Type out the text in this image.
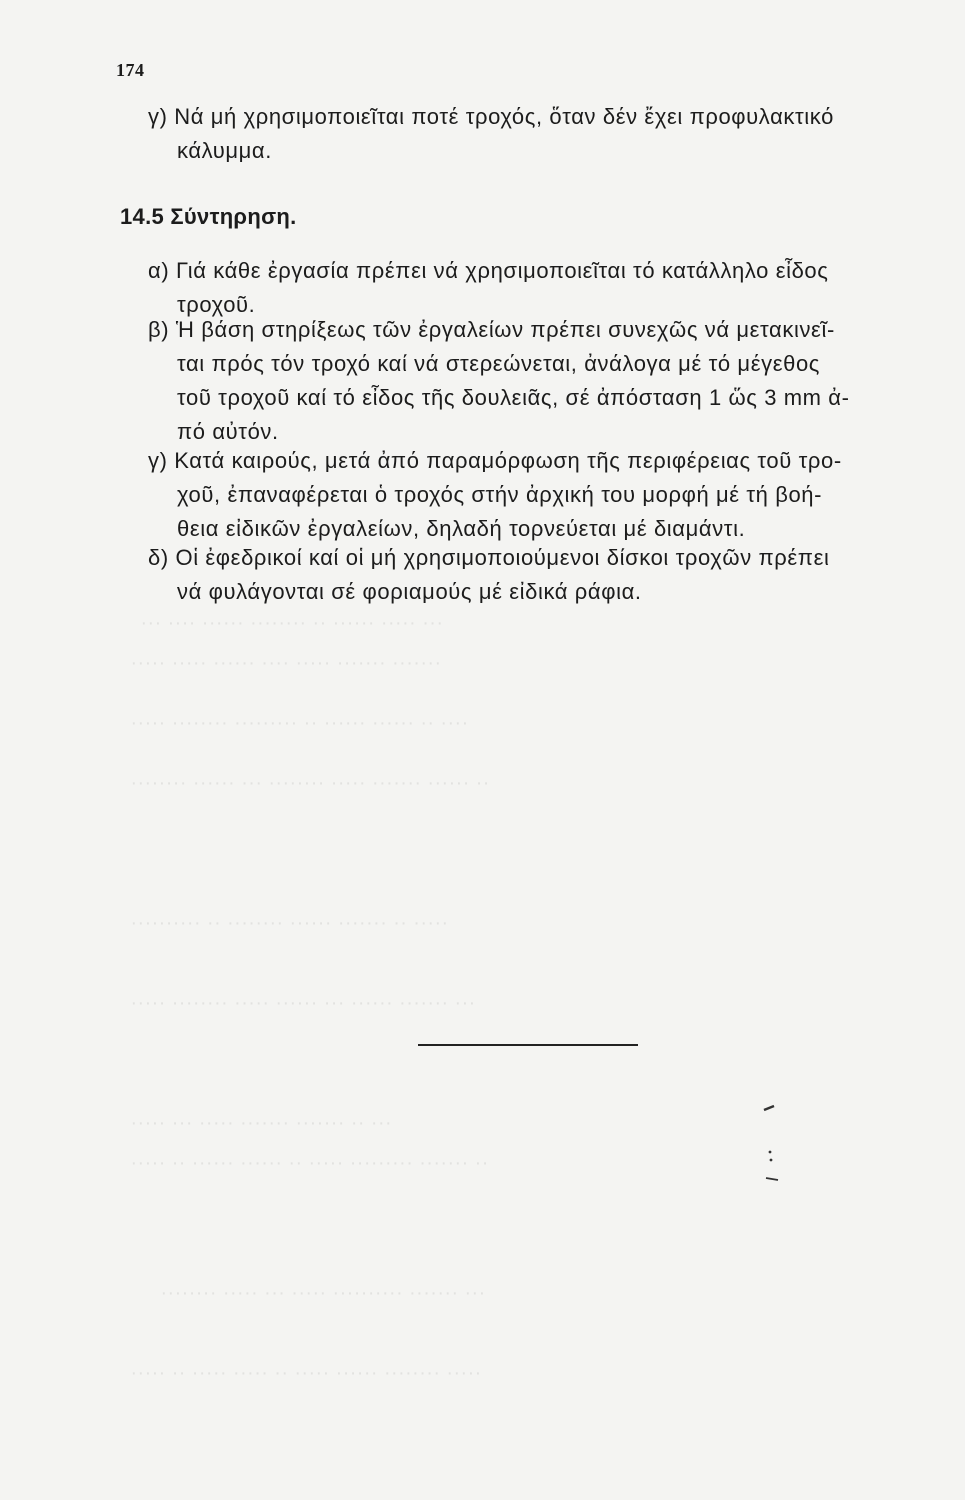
··· ····· ······ ·· ········ ······ ···· ···
······· ······· ····· ···· ······ ····· ·····
···· ·· ······ ······ ·· ········· ········ ·····
·· ······ ······· ····· ········ ··· ······ ········
····· ·· ······· ······ ········ ·· ··········
··· ······· ······ ··· ······ ····· ········ ·····
··· ·· ······· ······· ····· ··· ·····
·· ······· ········· ····· ·· ······ ······ ·· ·····
··· ······· ·········· ····· ··· ····· ········
····· ········ ······ ····· ·· ····· ····· ·· ·····
174
γ) Νά μή χρησιμοποιεῖται ποτέ τροχός, ὅταν δέν ἔχει προφυλακτικό
κάλυμμα.
14.5 Σύντηρηση.
α) Γιά κάθε ἐργασία πρέπει νά χρησιμοποιεῖται τό κατάλληλο εἶδος
τροχοῦ.
β) Ἡ βάση στηρίξεως τῶν ἐργαλείων πρέπει συνεχῶς νά μετακινεῖ-
ται πρός τόν τροχό καί νά στερεώνεται, ἀνάλογα μέ τό μέγεθος
τοῦ τροχοῦ καί τό εἶδος τῆς δουλειᾶς, σέ ἀπόσταση 1 ὥς 3 mm ἀ-
πό αὐτόν.
γ) Κατά καιρούς, μετά ἀπό παραμόρφωση τῆς περιφέρειας τοῦ τρο-
χοῦ, ἐπαναφέρεται ὁ τροχός στήν ἀρχική του μορφή μέ τή βοή-
θεια εἰδικῶν ἐργαλείων, δηλαδή τορνεύεται μέ διαμάντι.
δ) Οἱ ἐφεδρικοί καί οἱ μή χρησιμοποιούμενοι δίσκοι τροχῶν πρέπει
νά φυλάγονται σέ φοριαμούς μέ εἰδικά ράφια.
